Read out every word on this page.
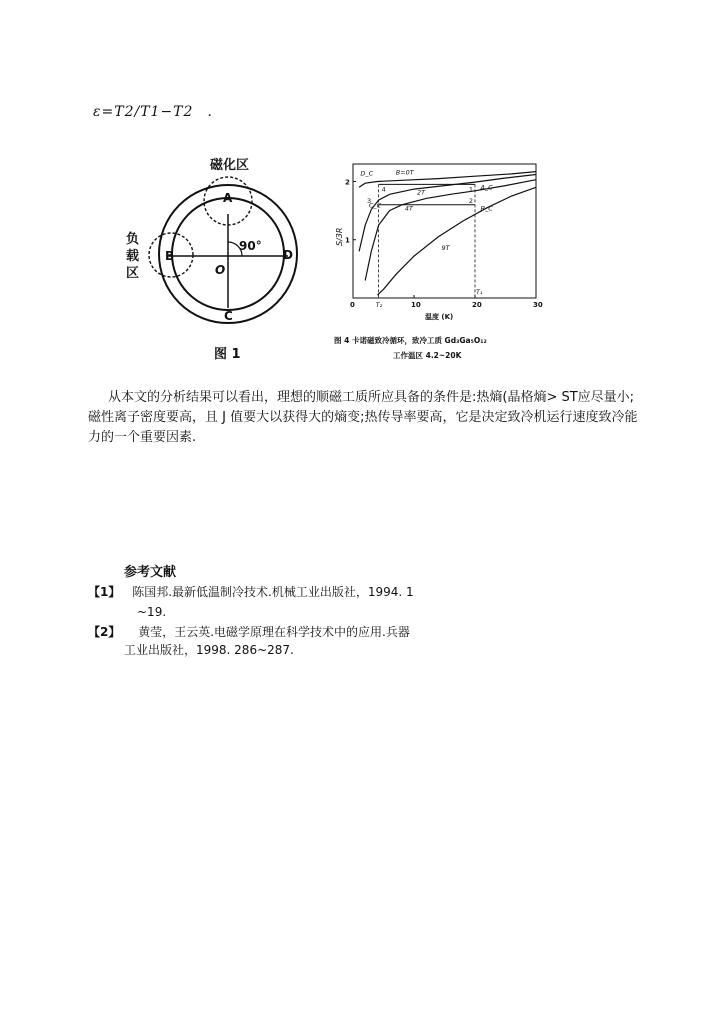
ε=T2/T1−T2 .
磁化区
负
载
区
90°
O
A
B
C
D
图 1
0	10	20	30
1
2
T₂
T₁
B=0T
2T
4T
9T
D_C
C_C
A_C
B_C
1
2
3
4
S/3R
温度 (K)
图 4 卡诺磁致冷循环，致冷工质 Gd₃Ga₅O₁₂
工作温区 4.2~20K
从本文的分析结果可以看出，理想的顺磁工质所应具备的条件是:热熵(晶格熵> ST应尽量小;磁性离子密度要高，且 J 值要大以获得大的熵变;热传导率要高，它是决定致冷机运行速度致冷能力的一个重要因素.
参考文献
【1】 陈国邦.最新低温制冷技术.机械工业出版社，1994. 1
~19.
【2】 黄莹，王云英.电磁学原理在科学技术中的应用.兵器
工业出版社，1998. 286~287.
